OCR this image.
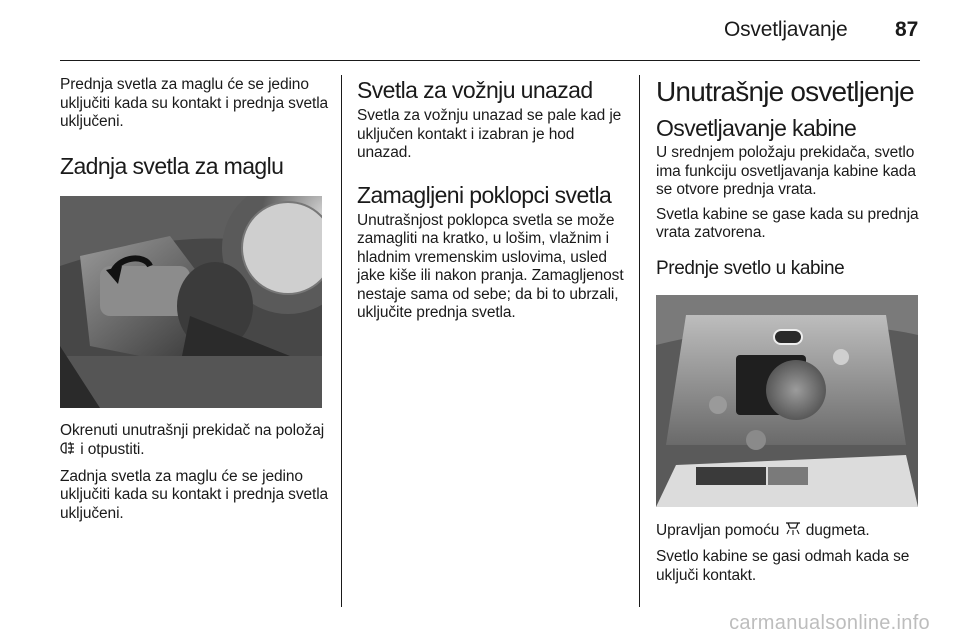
Osvetljavanje 87

Prednja svetla za maglu će se jedino uključiti kada su kontakt i prednja svetla uključeni.

Zadnja svetla za maglu

Okrenuti unutrašnji prekidač na položaj  i otpustiti.

Zadnja svetla za maglu će se jedino uključiti kada su kontakt i prednja svetla uključeni.

Svetla za vožnju unazad

Svetla za vožnju unazad se pale kad je uključen kontakt i izabran je hod unazad.

Zamagljeni poklopci svetla

Unutrašnjost poklopca svetla se može zamagliti na kratko, u lošim, vlažnim i hladnim vremenskim uslovima, usled jake kiše ili nakon pranja. Zamagljenost nestaje sama od sebe; da bi to ubrzali, uključite prednja svetla.

Unutrašnje osvetljenje
Osvetljavanje kabine

U srednjem položaju prekidača, svetlo ima funkciju osvetljavanja kabine kada se otvore prednja vrata.

Svetla kabine se gase kada su prednja vrata zatvorena.

Prednje svetlo u kabine

Upravljan pomoću  dugmeta.

Svetlo kabine se gasi odmah kada se uključi kontakt.

carmanualsonline.info
